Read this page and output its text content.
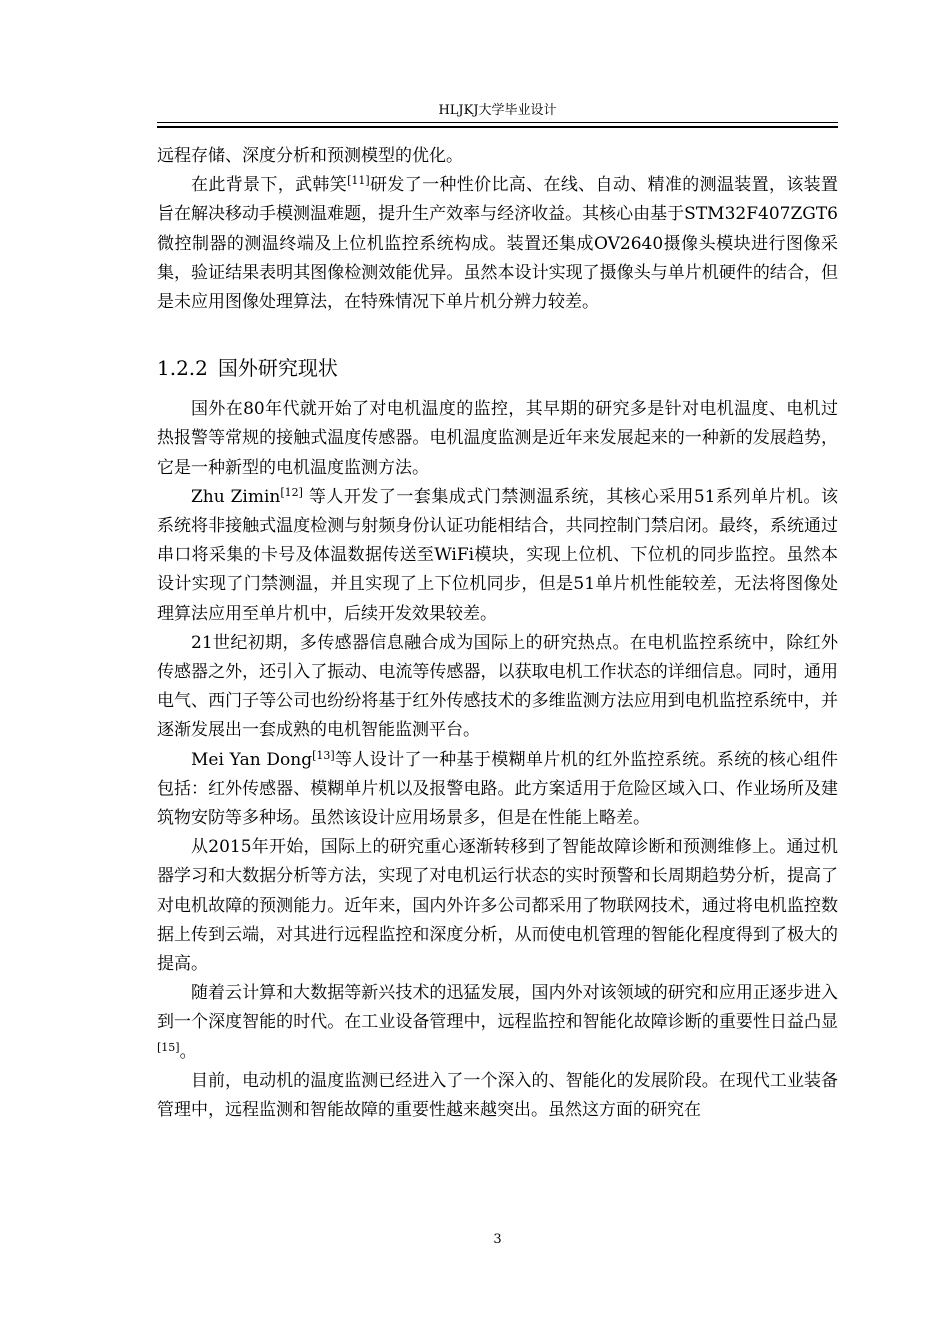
HLJKJ大学毕业设计

远程存储、深度分析和预测模型的优化。

在此背景下，武韩笑[11]研发了一种性价比高、在线、自动、精准的测温装置，该装置旨在解决移动手模测温难题，提升生产效率与经济收益。其核心由基于STM32F407ZGT6 微控制器的测温终端及上位机监控系统构成。装置还集成OV2640摄像头模块进行图像采集，验证结果表明其图像检测效能优异。虽然本设计实现了摄像头与单片机硬件的结合，但是未应用图像处理算法，在特殊情况下单片机分辨力较差。

1.2.2 国外研究现状

国外在80年代就开始了对电机温度的监控，其早期的研究多是针对电机温度、电机过热报警等常规的接触式温度传感器。电机温度监测是近年来发展起来的一种新的发展趋势，它是一种新型的电机温度监测方法。

Zhu Zimin[12] 等人开发了一套集成式门禁测温系统，其核心采用51系列单片机。该系统将非接触式温度检测与射频身份认证功能相结合，共同控制门禁启闭。最终，系统通过串口将采集的卡号及体温数据传送至WiFi模块，实现上位机、下位机的同步监控。虽然本设计实现了门禁测温，并且实现了上下位机同步，但是51单片机性能较差，无法将图像处理算法应用至单片机中，后续开发效果较差。

21世纪初期，多传感器信息融合成为国际上的研究热点。在电机监控系统中，除红外传感器之外，还引入了振动、电流等传感器，以获取电机工作状态的详细信息。同时，通用电气、西门子等公司也纷纷将基于红外传感技术的多维监测方法应用到电机监控系统中，并逐渐发展出一套成熟的电机智能监测平台。

Mei Yan Dong[13]等人设计了一种基于模糊单片机的红外监控系统。系统的核心组件包括：红外传感器、模糊单片机以及报警电路。此方案适用于危险区域入口、作业场所及建筑物安防等多种场。虽然该设计应用场景多，但是在性能上略差。

从2015年开始，国际上的研究重心逐渐转移到了智能故障诊断和预测维修上。通过机器学习和大数据分析等方法，实现了对电机运行状态的实时预警和长周期趋势分析，提高了对电机故障的预测能力。近年来，国内外许多公司都采用了物联网技术，通过将电机监控数据上传到云端，对其进行远程监控和深度分析，从而使电机管理的智能化程度得到了极大的提高。

随着云计算和大数据等新兴技术的迅猛发展，国内外对该领域的研究和应用正逐步进入到一个深度智能的时代。在工业设备管理中，远程监控和智能化故障诊断的重要性日益凸显[15]。

目前，电动机的温度监测已经进入了一个深入的、智能化的发展阶段。在现代工业装备管理中，远程监测和智能故障的重要性越来越突出。虽然这方面的研究在

3
